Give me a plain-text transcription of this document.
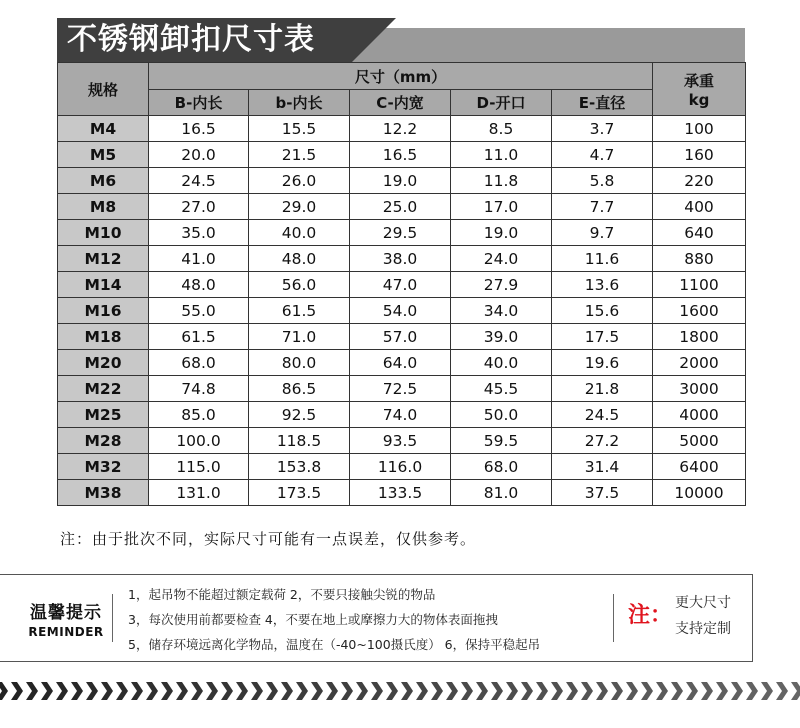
不锈钢卸扣尺寸表
规格	尺寸（mm）					承重
kg

	B-内长	b-内长	C-内宽	D-开口	E-直径	
M4	16.5	15.5	12.2	8.5	3.7	100
M5	20.0	21.5	16.5	11.0	4.7	160
M6	24.5	26.0	19.0	11.8	5.8	220
M8	27.0	29.0	25.0	17.0	7.7	400
M10	35.0	40.0	29.5	19.0	9.7	640
M12	41.0	48.0	38.0	24.0	11.6	880
M14	48.0	56.0	47.0	27.9	13.6	1100
M16	55.0	61.5	54.0	34.0	15.6	1600
M18	61.5	71.0	57.0	39.0	17.5	1800
M20	68.0	80.0	64.0	40.0	19.6	2000
M22	74.8	86.5	72.5	45.5	21.8	3000
M25	85.0	92.5	74.0	50.0	24.5	4000
M28	100.0	118.5	93.5	59.5	27.2	5000
M32	115.0	153.8	116.0	68.0	31.4	6400
M38	131.0	173.5	133.5	81.0	37.5	10000
注：由于批次不同，实际尺寸可能有一点误差，仅供参考。
温馨提示
REMINDER
1，起吊物不能超过额定载荷 2，不要只接触尖锐的物品
3，每次使用前都要检查 4，不要在地上或摩擦力大的物体表面拖拽
5，储存环境远离化学物品，温度在（-40~100摄氏度） 6，保持平稳起吊
注： 更大尺寸
支持定制
